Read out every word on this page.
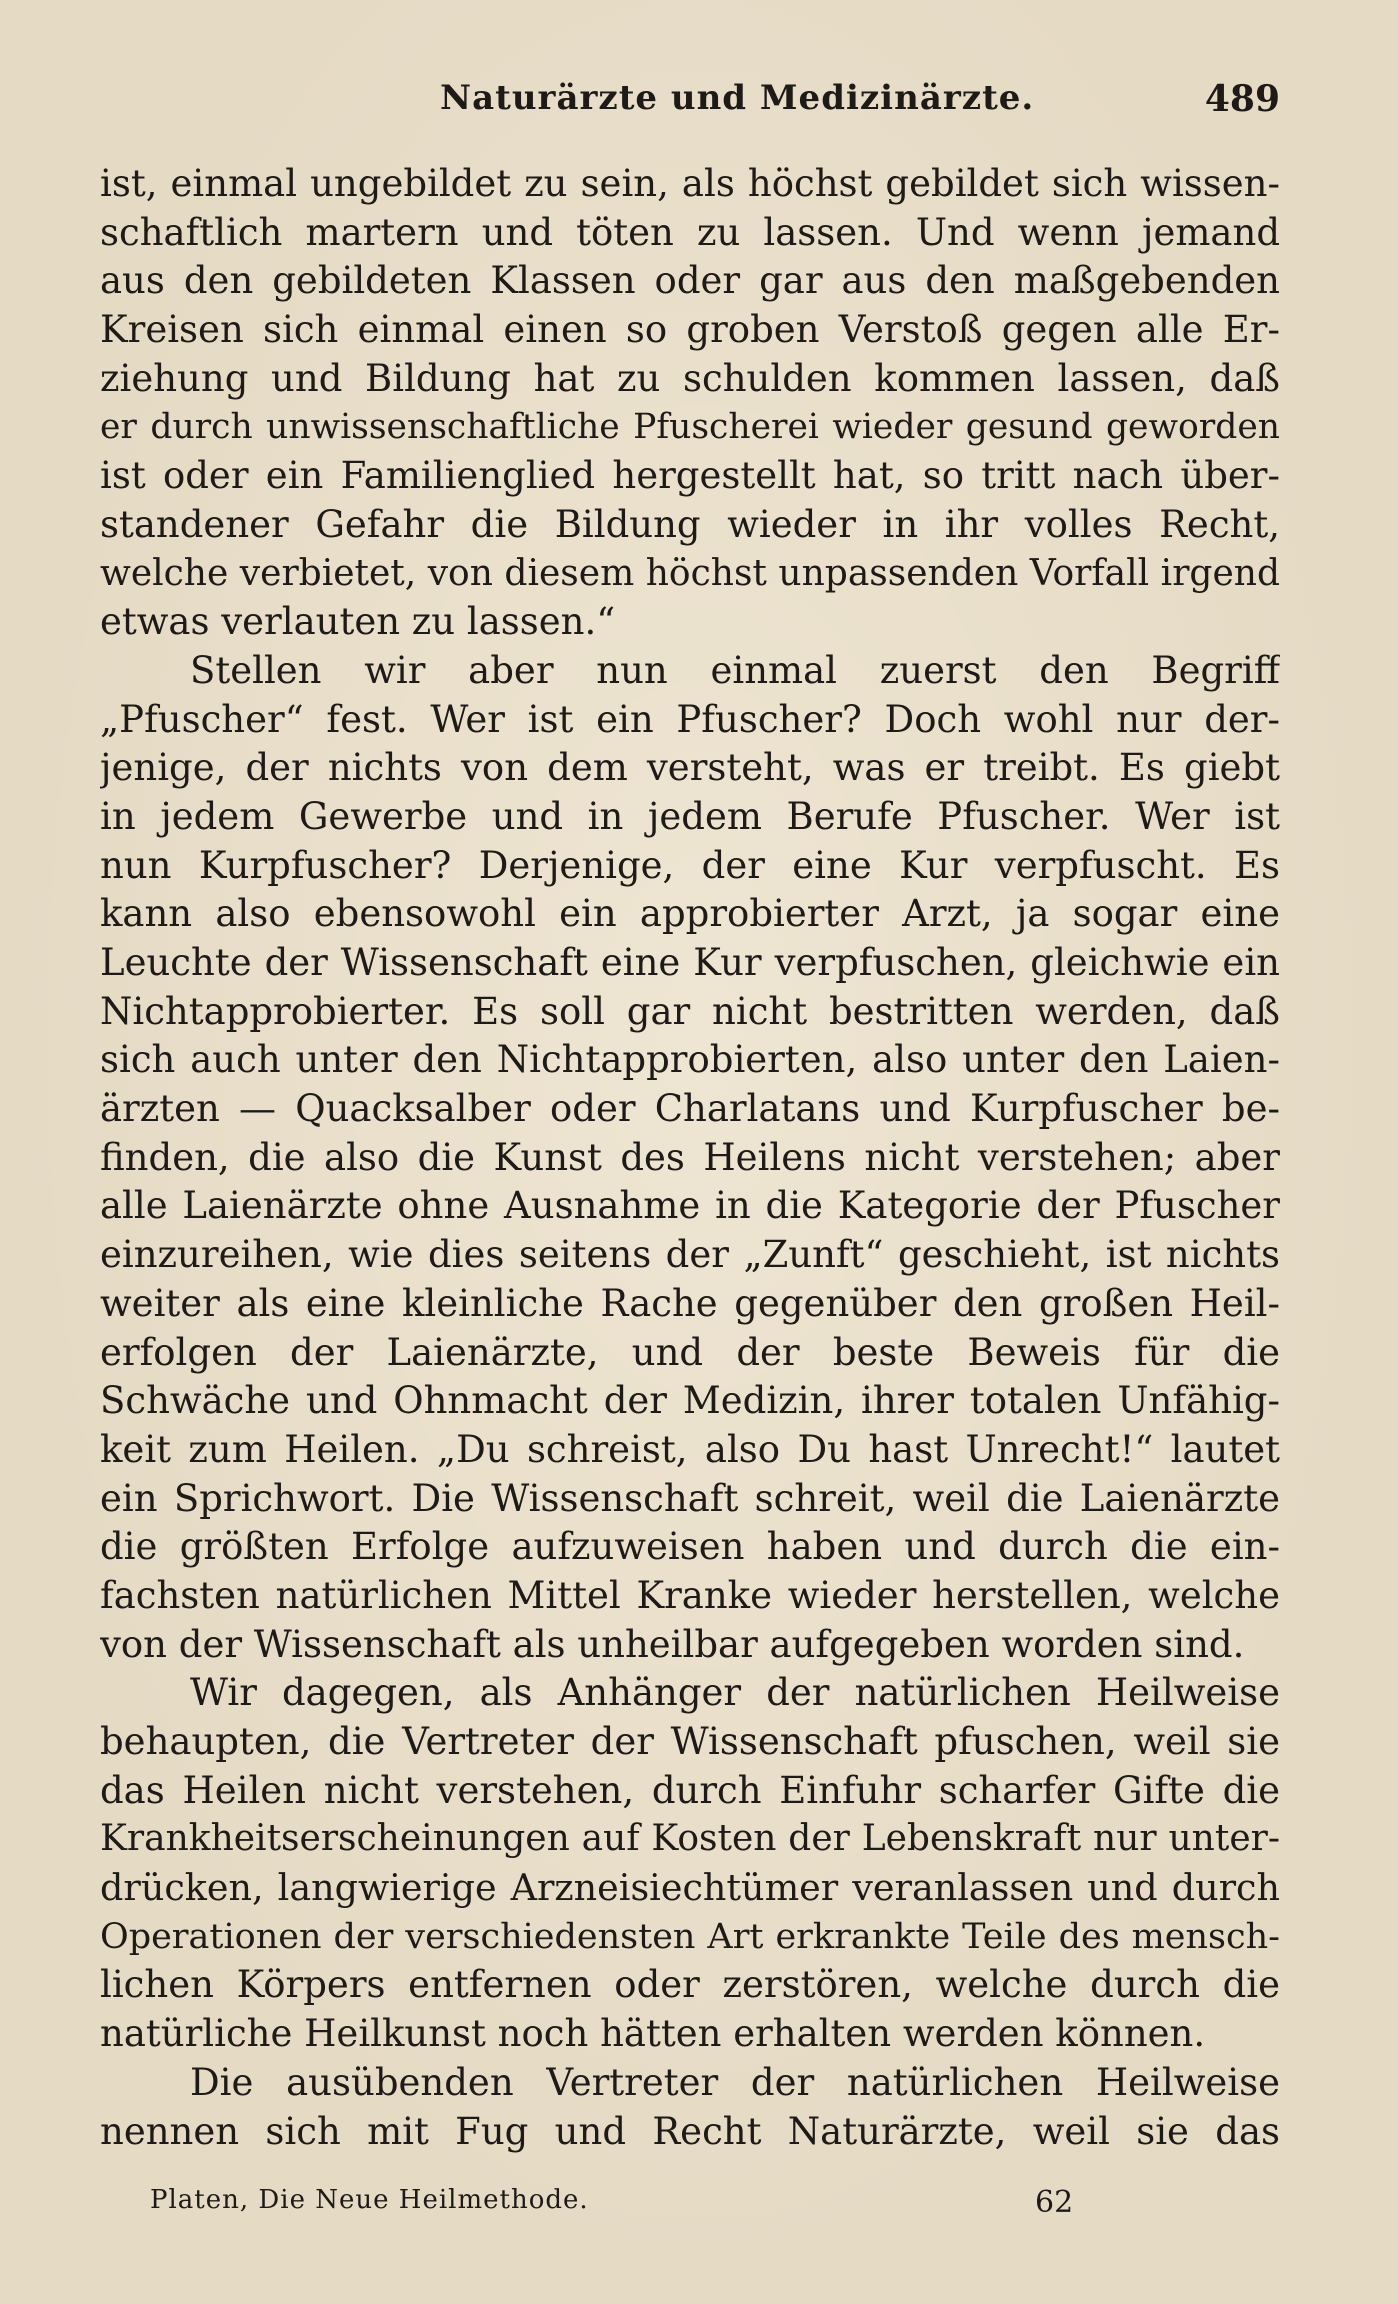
Naturärzte und Medizinärzte.	489
ist, einmal ungebildet zu sein, als höchst gebildet sich wissen-
schaftlich martern und töten zu lassen. Und wenn jemand
aus den gebildeten Klassen oder gar aus den maßgebenden
Kreisen sich einmal einen so groben Verstoß gegen alle Er-
ziehung und Bildung hat zu schulden kommen lassen, daß
er durch unwissenschaftliche Pfuscherei wieder gesund geworden
ist oder ein Familienglied hergestellt hat, so tritt nach über-
standener Gefahr die Bildung wieder in ihr volles Recht,
welche verbietet, von diesem höchst unpassenden Vorfall irgend
etwas verlauten zu lassen.“
Stellen wir aber nun einmal zuerst den Begriff
„Pfuscher“ fest. Wer ist ein Pfuscher? Doch wohl nur der-
jenige, der nichts von dem versteht, was er treibt. Es giebt
in jedem Gewerbe und in jedem Berufe Pfuscher. Wer ist
nun Kurpfuscher? Derjenige, der eine Kur verpfuscht. Es
kann also ebensowohl ein approbierter Arzt, ja sogar eine
Leuchte der Wissenschaft eine Kur verpfuschen, gleichwie ein
Nichtapprobierter. Es soll gar nicht bestritten werden, daß
sich auch unter den Nichtapprobierten, also unter den Laien-
ärzten — Quacksalber oder Charlatans und Kurpfuscher be-
finden, die also die Kunst des Heilens nicht verstehen; aber
alle Laienärzte ohne Ausnahme in die Kategorie der Pfuscher
einzureihen, wie dies seitens der „Zunft“ geschieht, ist nichts
weiter als eine kleinliche Rache gegenüber den großen Heil-
erfolgen der Laienärzte, und der beste Beweis für die
Schwäche und Ohnmacht der Medizin, ihrer totalen Unfähig-
keit zum Heilen. „Du schreist, also Du hast Unrecht!“ lautet
ein Sprichwort. Die Wissenschaft schreit, weil die Laienärzte
die größten Erfolge aufzuweisen haben und durch die ein-
fachsten natürlichen Mittel Kranke wieder herstellen, welche
von der Wissenschaft als unheilbar aufgegeben worden sind.
Wir dagegen, als Anhänger der natürlichen Heilweise
behaupten, die Vertreter der Wissenschaft pfuschen, weil sie
das Heilen nicht verstehen, durch Einfuhr scharfer Gifte die
Krankheitserscheinungen auf Kosten der Lebenskraft nur unter-
drücken, langwierige Arzneisiechtümer veranlassen und durch
Operationen der verschiedensten Art erkrankte Teile des mensch-
lichen Körpers entfernen oder zerstören, welche durch die
natürliche Heilkunst noch hätten erhalten werden können.
Die ausübenden Vertreter der natürlichen Heilweise
nennen sich mit Fug und Recht Naturärzte, weil sie das
Platen, Die Neue Heilmethode.	62
